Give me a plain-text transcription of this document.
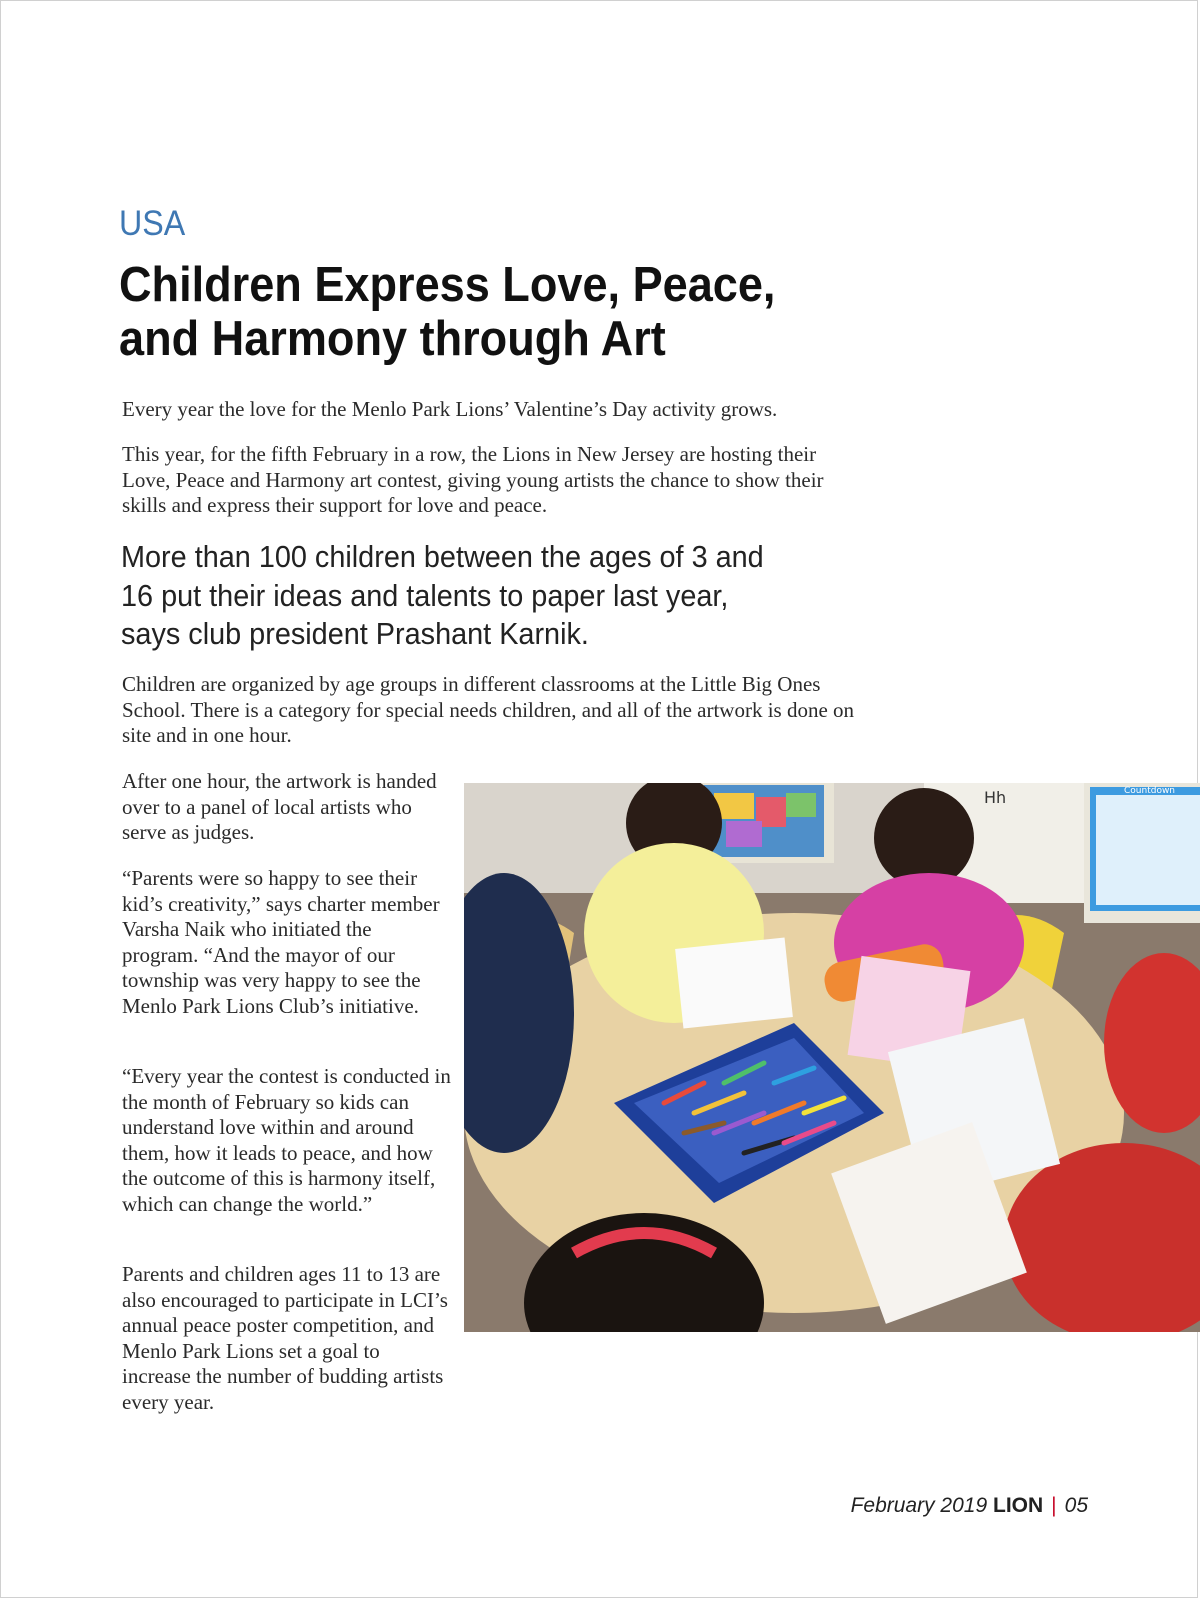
USA
Children Express Love, Peace,
and Harmony through Art

Every year the love for the Menlo Park Lions’ Valentine’s Day activity grows.

This year, for the fifth February in a row, the Lions in New Jersey are hosting their Love, Peace and Harmony art contest, giving young artists the chance to show their skills and express their support for love and peace.

More than 100 children between the ages of 3 and 16 put their ideas and talents to paper last year, says club president Prashant Karnik.

Children are organized by age groups in different classrooms at the Little Big Ones School. There is a category for special needs children, and all of the artwork is done on site and in one hour.

After one hour, the artwork is handed over to a panel of local artists who serve as judges.

“Parents were so happy to see their kid’s creativity,” says charter member Varsha Naik who initiated the program. “And the mayor of our township was very happy to see the Menlo Park Lions Club’s initiative.

“Every year the contest is conducted in the month of February so kids can understand love within and around them, how it leads to peace, and how the outcome of this is harmony itself, which can change the world.”

Parents and children ages 11 to 13 are also encouraged to participate in LCI’s annual peace poster competition, and Menlo Park Lions set a goal to increase the number of budding artists every year.

Hh	Countdown
February 2019 LION | 05
